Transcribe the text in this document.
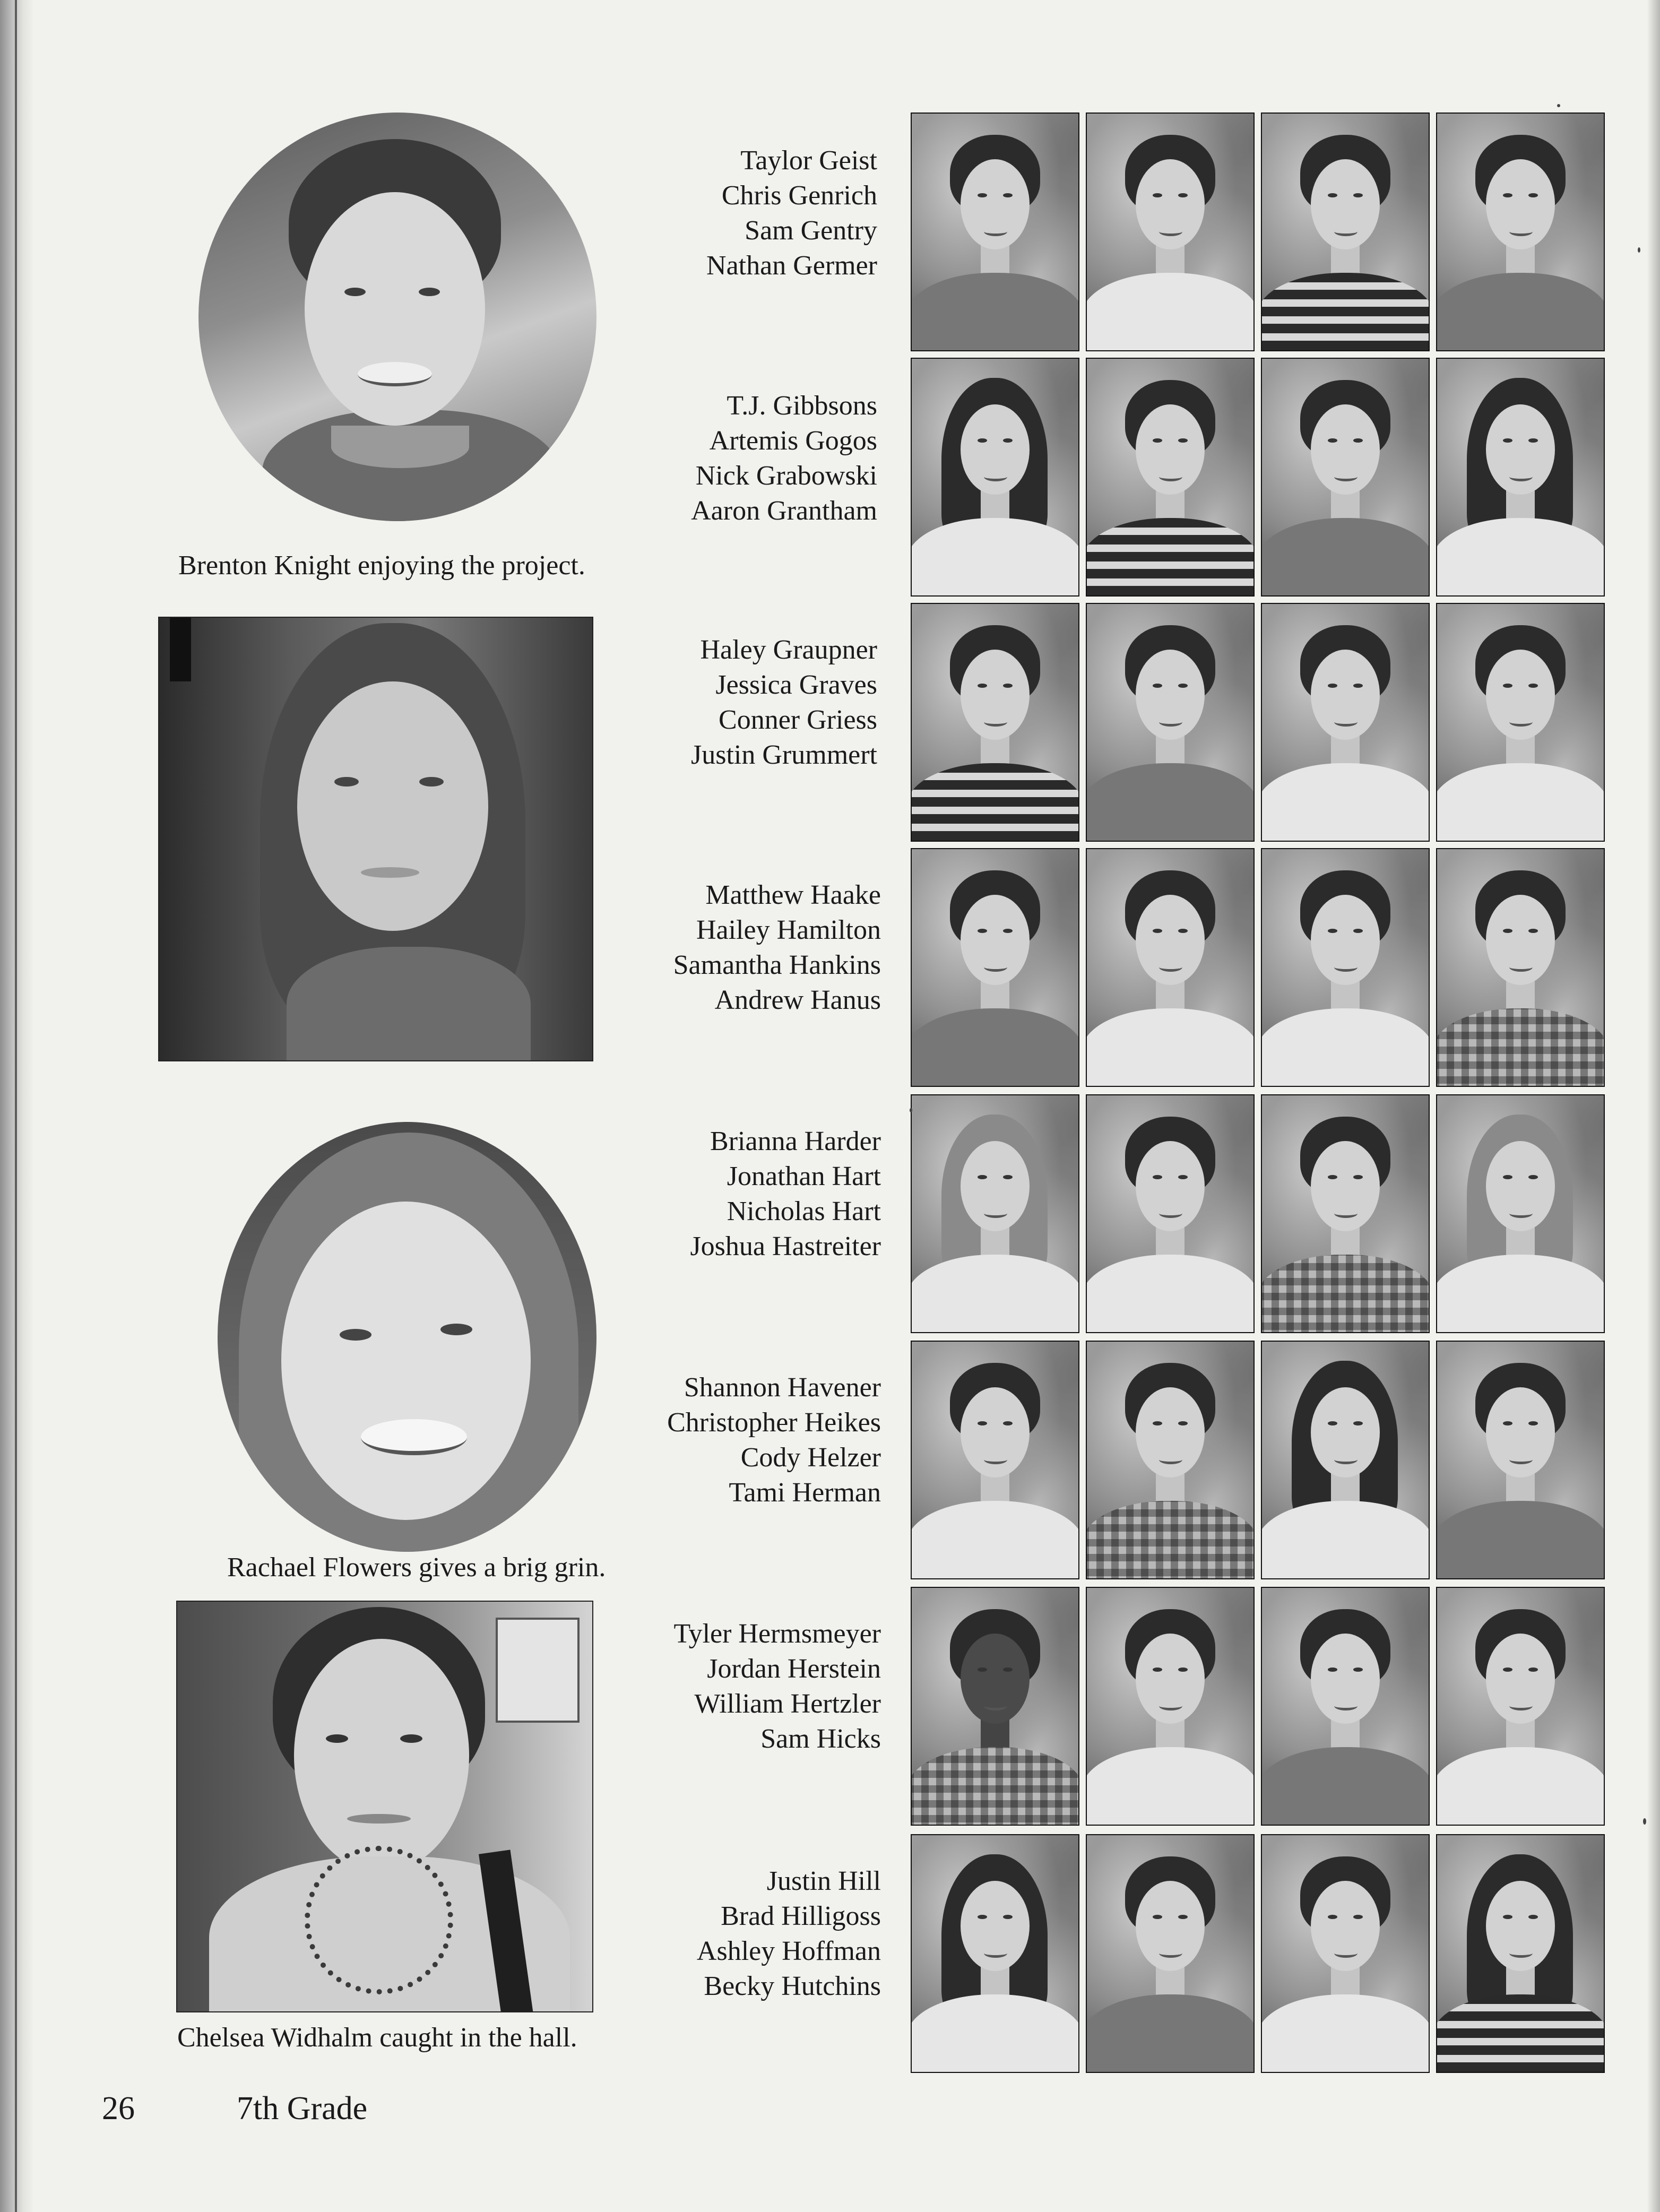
Brenton Knight enjoying the project.
Rachael Flowers gives a brig grin.
Chelsea Widhalm caught in the hall.
Taylor Geist
Chris Genrich
Sam Gentry
Nathan Germer
T.J. Gibbsons
Artemis Gogos
Nick Grabowski
Aaron Grantham
Haley Graupner
Jessica Graves
Conner Griess
Justin Grummert
Matthew Haake
Hailey Hamilton
Samantha Hankins
Andrew Hanus
Brianna Harder
Jonathan Hart
Nicholas Hart
Joshua Hastreiter
Shannon Havener
Christopher Heikes
Cody Helzer
Tami Herman
Tyler Hermsmeyer
Jordan Herstein
William Hertzler
Sam Hicks
Justin Hill
Brad Hilligoss
Ashley Hoffman
Becky Hutchins
26	7th Grade
